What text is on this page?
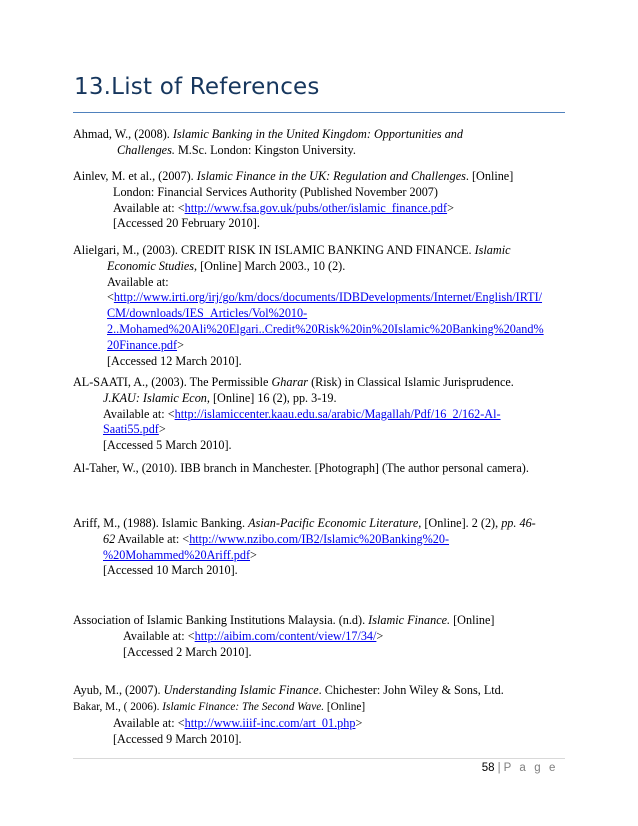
13.List of References
Ahmad, W., (2008). Islamic Banking in the United Kingdom: Opportunities and
Challenges. M.Sc. London: Kingston University.
Ainlev, M. et al., (2007). Islamic Finance in the UK: Regulation and Challenges. [Online]
London: Financial Services Authority (Published November 2007)
Available at: <http://www.fsa.gov.uk/pubs/other/islamic_finance.pdf>
[Accessed 20 February 2010].
Alielgari, M., (2003). CREDIT RISK IN ISLAMIC BANKING AND FINANCE. Islamic
Economic Studies, [Online] March 2003., 10 (2).
Available at:
<http://www.irti.org/irj/go/km/docs/documents/IDBDevelopments/Internet/English/IRTI/
CM/downloads/IES_Articles/Vol%2010-
2..Mohamed%20Ali%20Elgari..Credit%20Risk%20in%20Islamic%20Banking%20and%
20Finance.pdf>
[Accessed 12 March 2010].
AL-SAATI, A., (2003). The Permissible Gharar (Risk) in Classical Islamic Jurisprudence.
J.KAU: Islamic Econ, [Online] 16 (2), pp. 3-19.
Available at: <http://islamiccenter.kaau.edu.sa/arabic/Magallah/Pdf/16_2/162-Al-
Saati55.pdf>
[Accessed 5 March 2010].
Al-Taher, W., (2010). IBB branch in Manchester. [Photograph] (The author personal camera).
Ariff, M., (1988). Islamic Banking. Asian-Pacific Economic Literature, [Online]. 2 (2), pp. 46-
62 Available at: <http://www.nzibo.com/IB2/Islamic%20Banking%20-
%20Mohammed%20Ariff.pdf>
[Accessed 10 March 2010].
Association of Islamic Banking Institutions Malaysia. (n.d). Islamic Finance. [Online]
Available at: <http://aibim.com/content/view/17/34/>
[Accessed 2 March 2010].
Ayub, M., (2007). Understanding Islamic Finance. Chichester: John Wiley & Sons, Ltd.
Bakar, M., ( 2006). Islamic Finance: The Second Wave. [Online]
Available at: <http://www.iiif-inc.com/art_01.php>
[Accessed 9 March 2010].
58 | P a g e
